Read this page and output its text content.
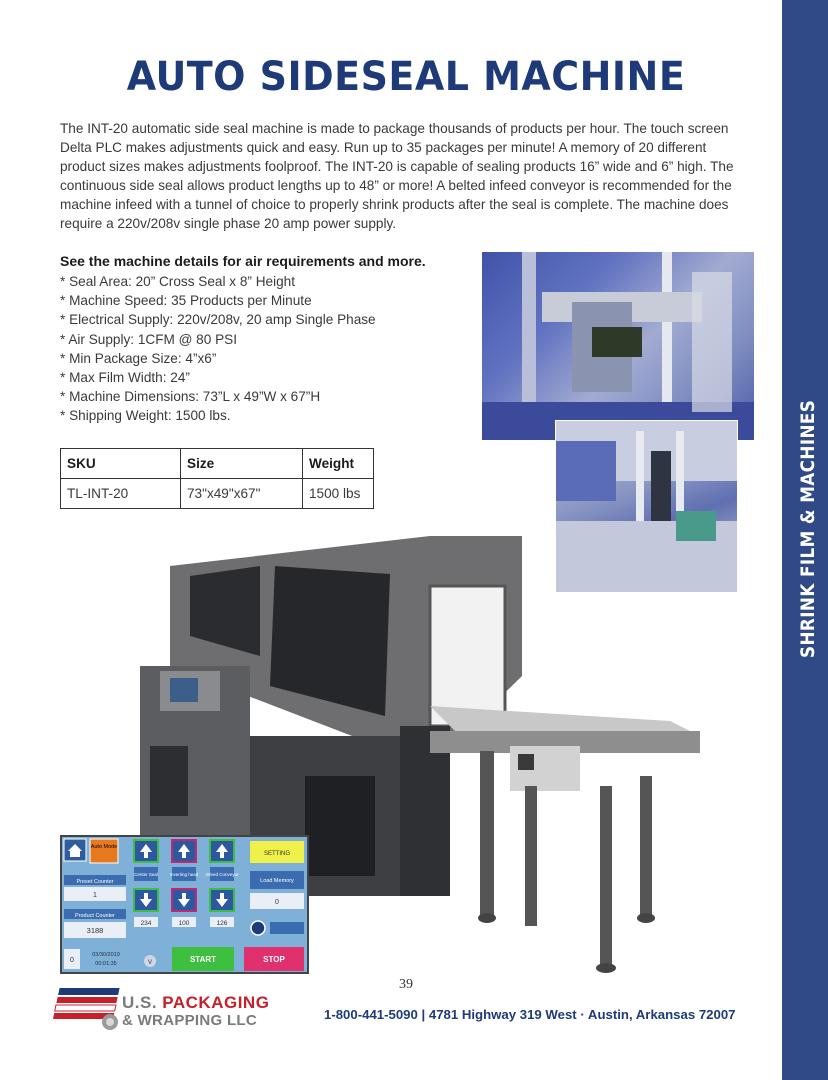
SHRINK FILM & MACHINES
AUTO SIDESEAL MACHINE

The INT-20 automatic side seal machine is made to package thousands of products per hour. The touch screen Delta PLC makes adjustments quick and easy. Run up to 35 packages per minute! A memory of 20 different product sizes makes adjustments foolproof. The INT-20 is capable of sealing products 16” wide and 6” high. The continuous side seal allows product lengths up to 48” or more! A belted infeed conveyor is recommended for the machine infeed with a tunnel of choice to properly shrink products after the seal is complete. The machine does require a 220v/208v single phase 20 amp power supply.

See the machine details for air requirements and more.
* Seal Area: 20” Cross Seal x 8” Height
* Machine Speed: 35 Products per Minute
* Electrical Supply: 220v/208v, 20 amp Single Phase
* Air Supply: 1CFM @ 80 PSI
* Min Package Size: 4”x6”
* Max Film Width: 24”
* Machine Dimensions: 73”L x 49”W x 67”H
* Shipping Weight: 1500 lbs.
SKU	Size	Weight
TL-INT-20	73"x49"x67"	1500 lbs
Auto Mode
SETTING
Preset Counter
1
Center Seal	Inverting head Infeed Conveyor
Load Memory
0
Product Counter
3188
234	100	126
0
03/30/2019
00:01:35	V	START	STOP
39
U.S. PACKAGING
& WRAPPING LLC	1-800-441-5090 | 4781 Highway 319 West · Austin, Arkansas 72007
